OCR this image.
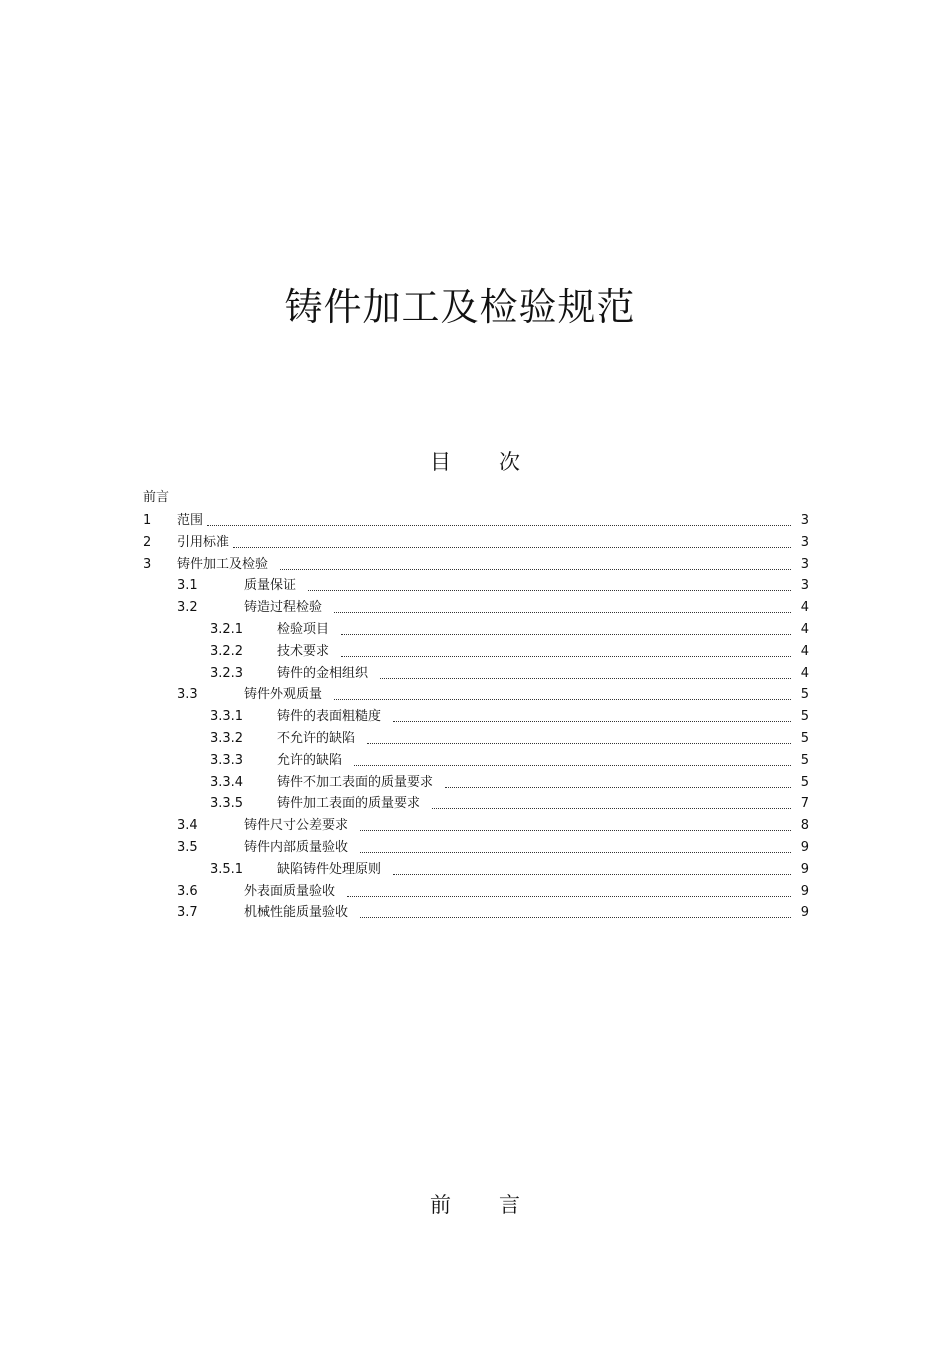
铸件加工及检验规范
目 次
前言
1 范围	3
2 引用标准	3
3 铸件加工及检验	3
3.1	质量保证	3
3.2	铸造过程检验	4
3.2.1	检验项目	4
3.2.2	技术要求	4
3.2.3	铸件的金相组织	4
3.3	铸件外观质量	5
3.3.1	铸件的表面粗糙度	5
3.3.2	不允许的缺陷	5
3.3.3	允许的缺陷	5
3.3.4	铸件不加工表面的质量要求	5
3.3.5	铸件加工表面的质量要求	7
3.4	铸件尺寸公差要求	8
3.5	铸件内部质量验收	9
3.5.1	缺陷铸件处理原则	9
3.6	外表面质量验收	9
3.7	机械性能质量验收	9
前 言
